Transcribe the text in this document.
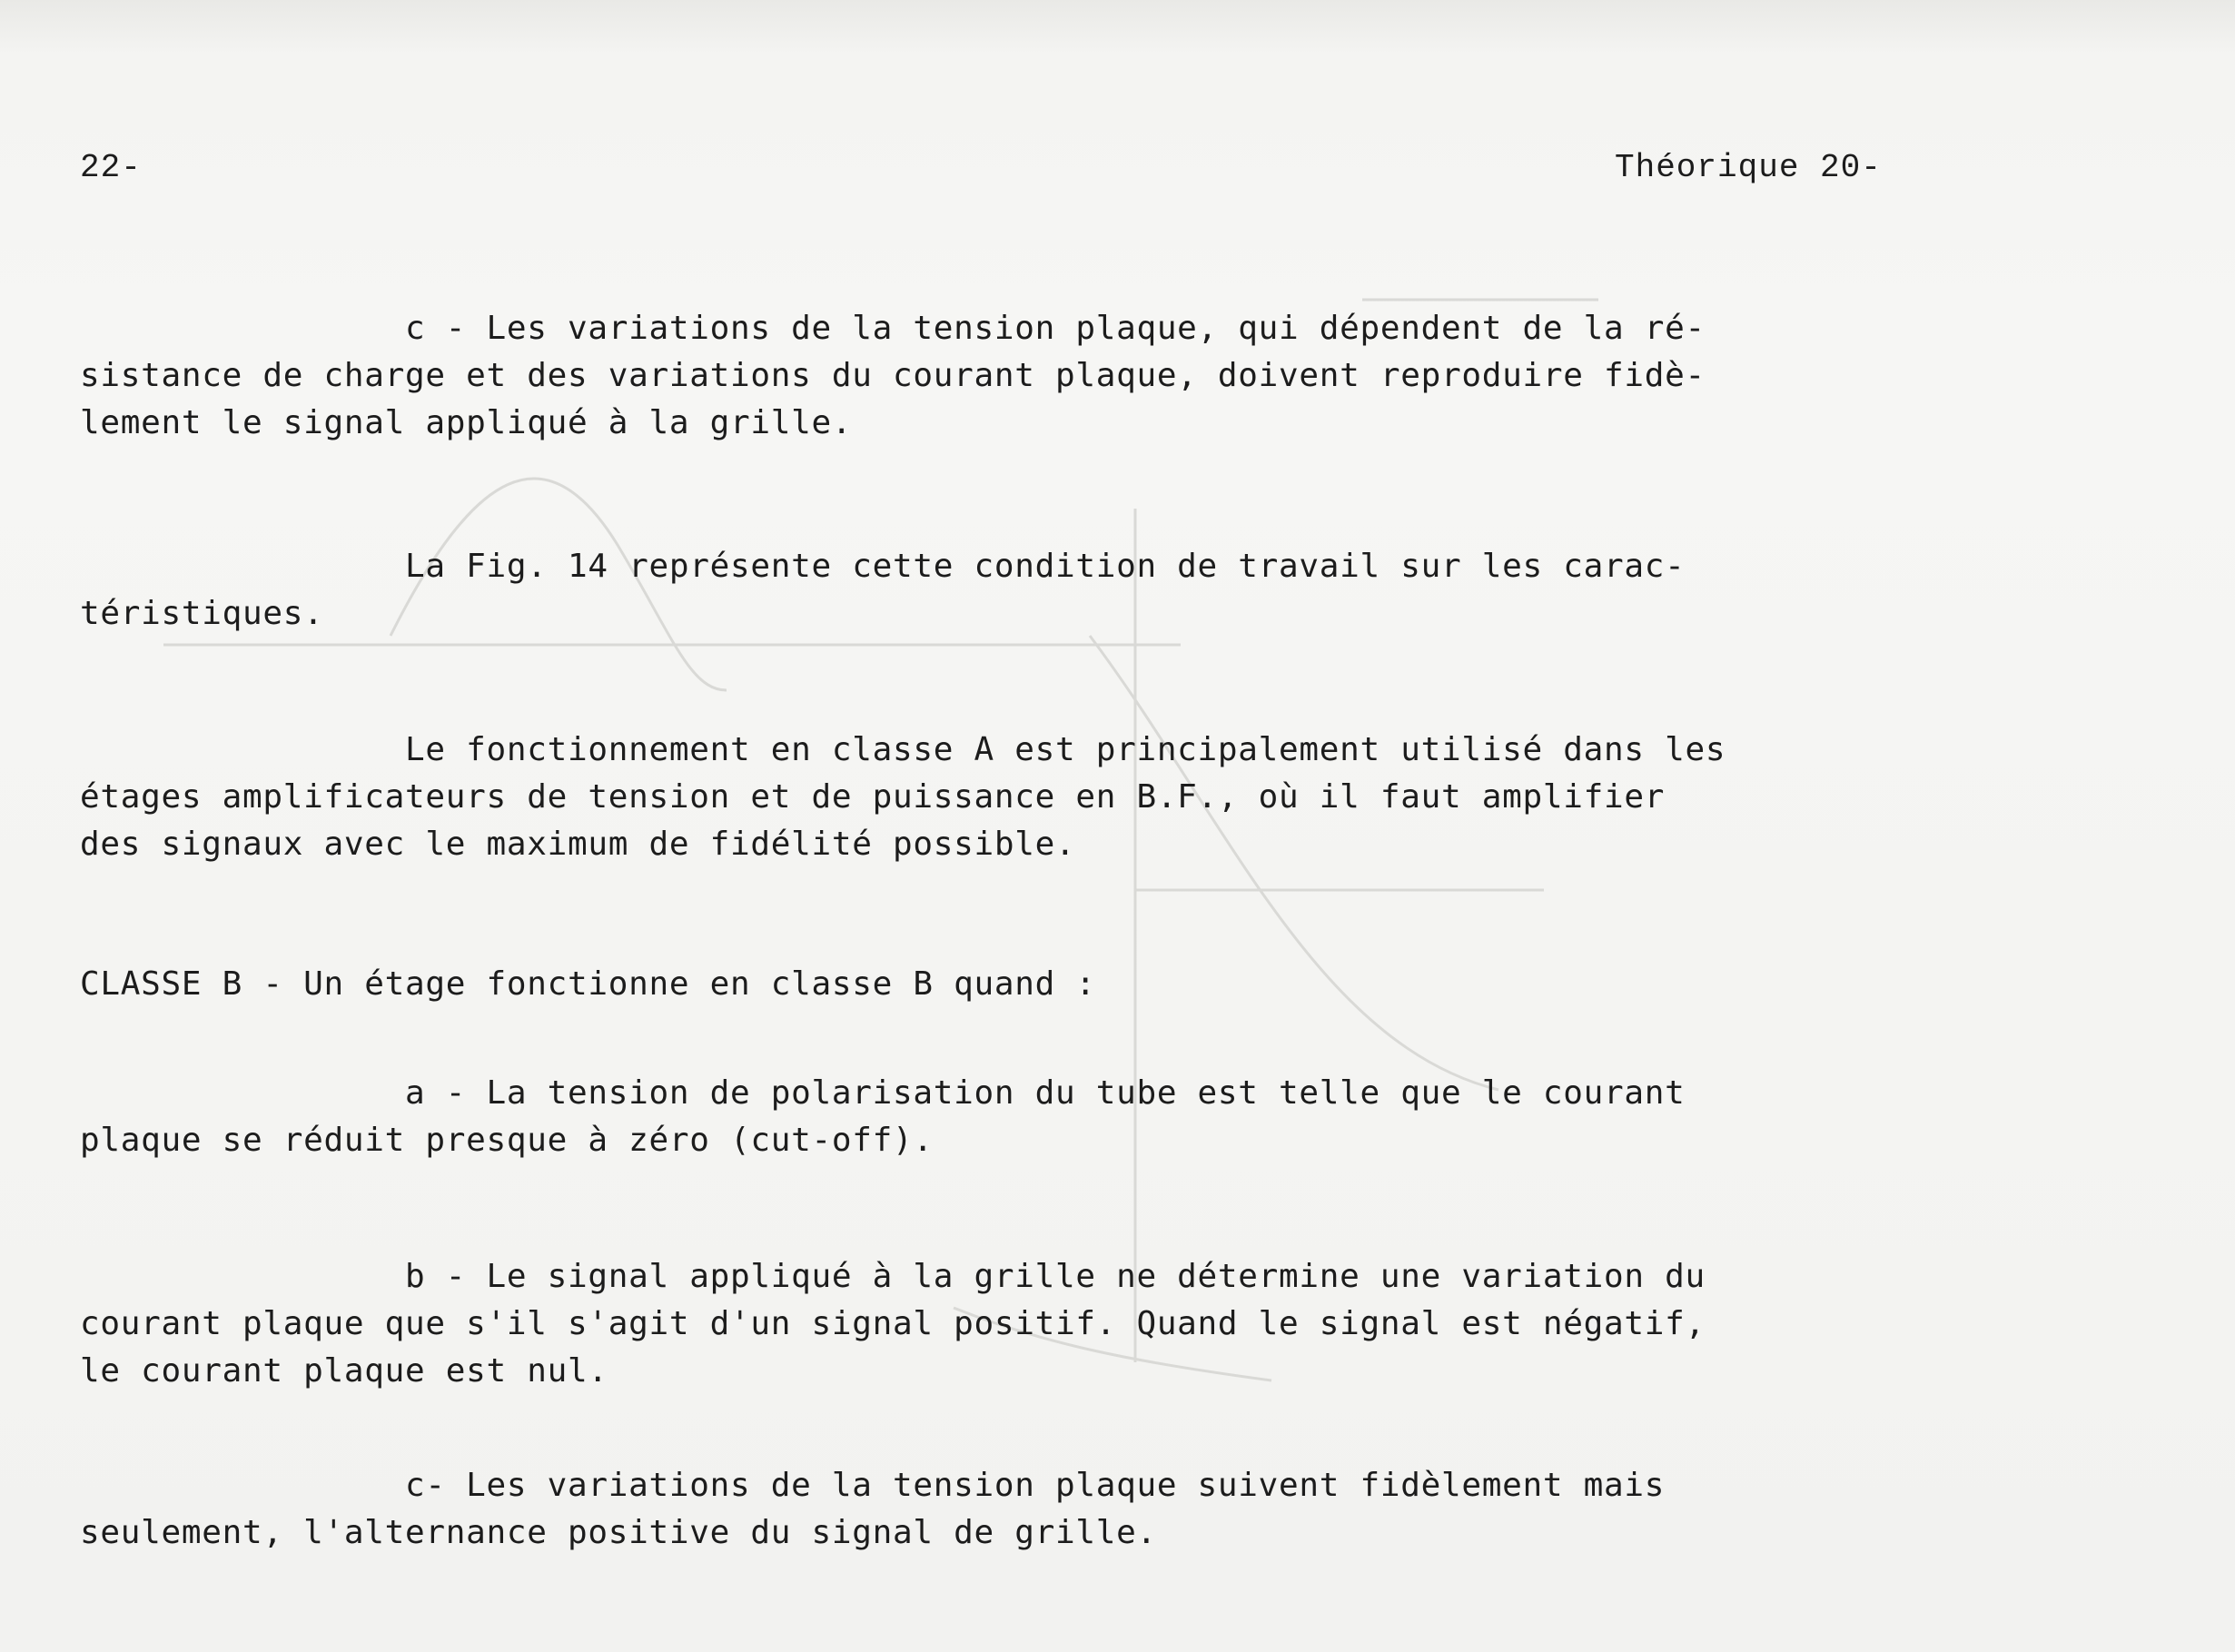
22-	Théorique 20-
c - Les variations de la tension plaque, qui dépendent de la ré-
sistance de charge et des variations du courant plaque, doivent reproduire fidè-
lement le signal appliqué à la grille.
La Fig. 14 représente cette condition de travail sur les carac-
téristiques.
Le fonctionnement en classe A est principalement utilisé dans les
étages amplificateurs de tension et de puissance en B.F., où il faut amplifier
des signaux avec le maximum de fidélité possible.
CLASSE B - Un étage fonctionne en classe B quand :
a - La tension de polarisation du tube est telle que le courant
plaque se réduit presque à zéro (cut-off).
b - Le signal appliqué à la grille ne détermine une variation du
courant plaque que s'il s'agit d'un signal positif. Quand le signal est négatif,
le courant plaque est nul.
c- Les variations de la tension plaque suivent fidèlement mais
seulement, l'alternance positive du signal de grille.
